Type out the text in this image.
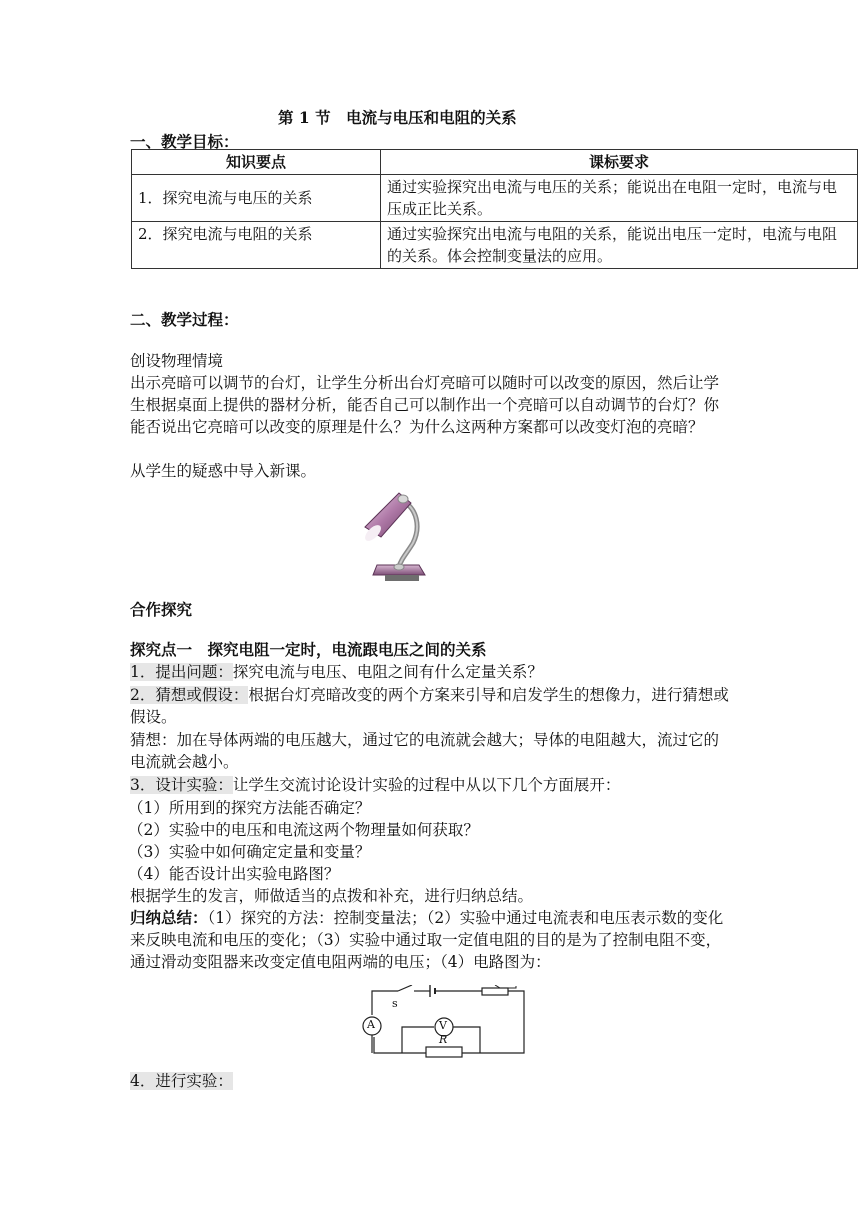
第 1 节　电流与电压和电阻的关系
一、教学目标：
知识要点	课标要求
1．探究电流与电压的关系	通过实验探究出电流与电压的关系；能说出在电阻一定时，电流与电压成正比关系。
2．探究电流与电阻的关系	通过实验探究出电流与电阻的关系，能说出电压一定时，电流与电阻的关系。体会控制变量法的应用。
二、教学过程：
创设物理情境
出示亮暗可以调节的台灯，让学生分析出台灯亮暗可以随时可以改变的原因，然后让学生根据桌面上提供的器材分析，能否自己可以制作出一个亮暗可以自动调节的台灯？你能否说出它亮暗可以改变的原理是什么？为什么这两种方案都可以改变灯泡的亮暗？
从学生的疑惑中导入新课。
合作探究
探究点一　探究电阻一定时，电流跟电压之间的关系
1．提出问题：探究电流与电压、电阻之间有什么定量关系？
2．猜想或假设：根据台灯亮暗改变的两个方案来引导和启发学生的想像力，进行猜想或假设。
猜想：加在导体两端的电压越大，通过它的电流就会越大；导体的电阻越大，流过它的电流就会越小。
3．设计实验：让学生交流讨论设计实验的过程中从以下几个方面展开：
（1）所用到的探究方法能否确定？
（2）实验中的电压和电流这两个物理量如何获取？
（3）实验中如何确定定量和变量？
（4）能否设计出实验电路图？
根据学生的发言，师做适当的点拨和补充，进行归纳总结。
归纳总结：（1）探究的方法：控制变量法；（2）实验中通过电流表和电压表示数的变化来反映电流和电压的变化；（3）实验中通过取一定值电阻的目的是为了控制电阻不变，通过滑动变阻器来改变定值电阻两端的电压；（4）电路图为：
s
A	V
R
4．进行实验：
